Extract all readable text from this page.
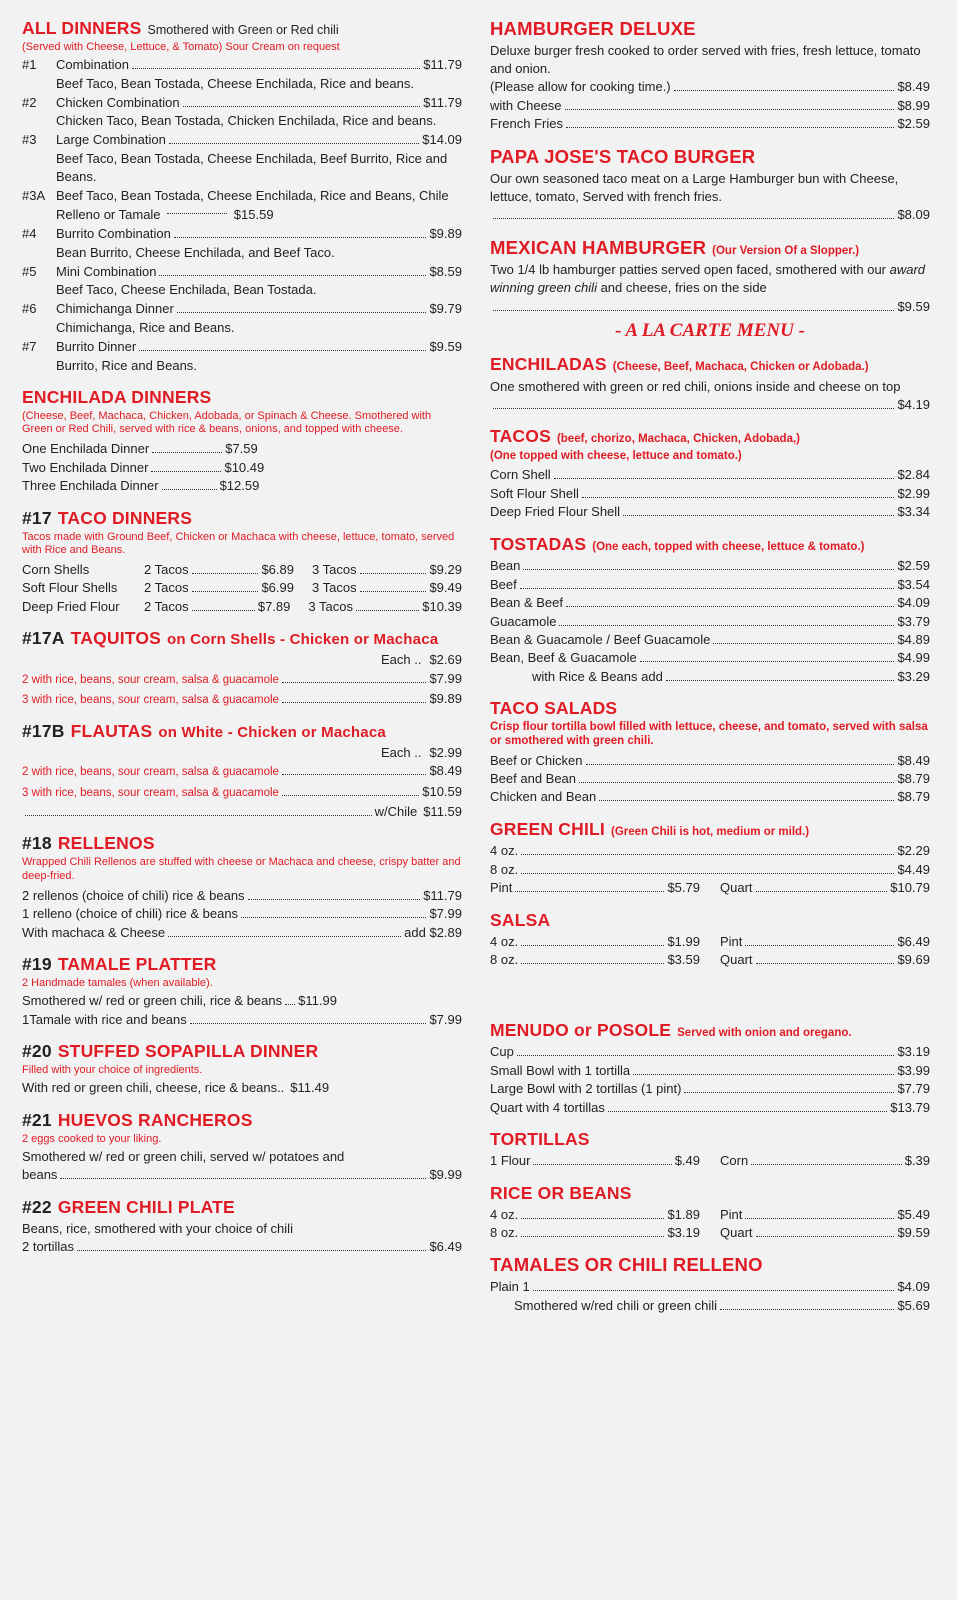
ALL DINNERS Smothered with Green or Red chili
(Served with Cheese, Lettuce, & Tomato) Sour Cream on request
#1	Combination	$11.79
Beef Taco, Bean Tostada, Cheese Enchilada, Rice and beans.
#2	Chicken Combination	$11.79
Chicken Taco, Bean Tostada, Chicken Enchilada, Rice and beans.
#3	Large Combination	$14.09
Beef Taco, Bean Tostada, Cheese Enchilada, Beef Burrito, Rice and Beans.
#3A Beef Taco, Bean Tostada, Cheese Enchilada, Rice and Beans, Chile Relleno or Tamale	$15.59
#4	Burrito Combination	$9.89
Bean Burrito, Cheese Enchilada, and Beef Taco.
#5	Mini Combination	$8.59
Beef Taco, Cheese Enchilada, Bean Tostada.
#6	Chimichanga Dinner	$9.79
Chimichanga, Rice and Beans.
#7	Burrito Dinner	$9.59
Burrito, Rice and Beans.
ENCHILADA DINNERS
(Cheese, Beef, Machaca, Chicken, Adobada, or Spinach & Cheese. Smothered with Green or Red Chili, served with rice & beans, onions, and topped with cheese.
One Enchilada Dinner	$7.59
Two Enchilada Dinner	$10.49
Three Enchilada Dinner	$12.59
#17 TACO DINNERS
Tacos made with Ground Beef, Chicken or Machaca with cheese, lettuce, tomato, served with Rice and Beans.
Corn Shells	2 Tacos	$6.89 3 Tacos	$9.29
Soft Flour Shells	2 Tacos	$6.99 3 Tacos	$9.49
Deep Fried Flour	2 Tacos	$7.89 3 Tacos	$10.39
#17A TAQUITOS on Corn Shells - Chicken or Machaca
Each .. $2.69
2 with rice, beans, sour cream, salsa & guacamole	$7.99
3 with rice, beans, sour cream, salsa & guacamole	$9.89
#17B FLAUTAS on White - Chicken or Machaca
Each .. $2.99
2 with rice, beans, sour cream, salsa & guacamole	$8.49
3 with rice, beans, sour cream, salsa & guacamole	$10.59
w/Chile $11.59
#18 RELLENOS
Wrapped Chili Rellenos are stuffed with cheese or Machaca and cheese, crispy batter and deep-fried.
2 rellenos (choice of chili) rice & beans	$11.79
1 relleno (choice of chili) rice & beans	$7.99
With machaca & Cheese	add $2.89
#19 TAMALE PLATTER
2 Handmade tamales (when available).
Smothered w/ red or green chili, rice & beans $11.99
1Tamale with rice and beans	$7.99
#20 STUFFED SOPAPILLA DINNER
Filled with your choice of ingredients.
With red or green chili, cheese, rice & beans.. $11.49
#21 HUEVOS RANCHEROS
2 eggs cooked to your liking.
Smothered w/ red or green chili, served w/ potatoes and
beans	$9.99
#22 GREEN CHILI PLATE
Beans, rice, smothered with your choice of chili
2 tortillas	$6.49
HAMBURGER DELUXE
Deluxe burger fresh cooked to order served with fries, fresh lettuce, tomato and onion.
(Please allow for cooking time.)	$8.49
with Cheese	$8.99
French Fries	$2.59
PAPA JOSE'S TACO BURGER
Our own seasoned taco meat on a Large Hamburger bun with Cheese, lettuce, tomato, Served with french fries.
$8.09
MEXICAN HAMBURGER (Our Version Of a Slopper.)
Two 1/4 lb hamburger patties served open faced, smothered with our award winning green chili and cheese, fries on the side
$9.59
- A LA CARTE MENU -
ENCHILADAS (Cheese, Beef, Machaca, Chicken or Adobada.)
One smothered with green or red chili, onions inside and cheese on top
$4.19
TACOS (beef, chorizo, Machaca, Chicken, Adobada,)
(One topped with cheese, lettuce and tomato.)
Corn Shell	$2.84
Soft Flour Shell	$2.99
Deep Fried Flour Shell	$3.34
TOSTADAS (One each, topped with cheese, lettuce & tomato.)
Bean	$2.59
Beef	$3.54
Bean & Beef	$4.09
Guacamole	$3.79
Bean & Guacamole / Beef Guacamole	$4.89
Bean, Beef & Guacamole	$4.99
with Rice & Beans add	$3.29
TACO SALADS
Crisp flour tortilla bowl filled with lettuce, cheese, and tomato, served with salsa or smothered with green chili.
Beef or Chicken	$8.49
Beef and Bean	$8.79
Chicken and Bean	$8.79
GREEN CHILI (Green Chili is hot, medium or mild.)
4 oz.	$2.29
8 oz.	$4.49
Pint	$5.79 Quart	$10.79
SALSA
4 oz.	$1.99 Pint	$6.49
8 oz.	$3.59 Quart	$9.69
MENUDO or POSOLE Served with onion and oregano.
Cup	$3.19
Small Bowl with 1 tortilla	$3.99
Large Bowl with 2 tortillas (1 pint)	$7.79
Quart with 4 tortillas	$13.79
TORTILLAS
1 Flour	$.49 Corn	$.39
RICE OR BEANS
4 oz.	$1.89 Pint	$5.49
8 oz.	$3.19 Quart	$9.59
TAMALES OR CHILI RELLENO
Plain 1	$4.09
Smothered w/red chili or green chili	$5.69
